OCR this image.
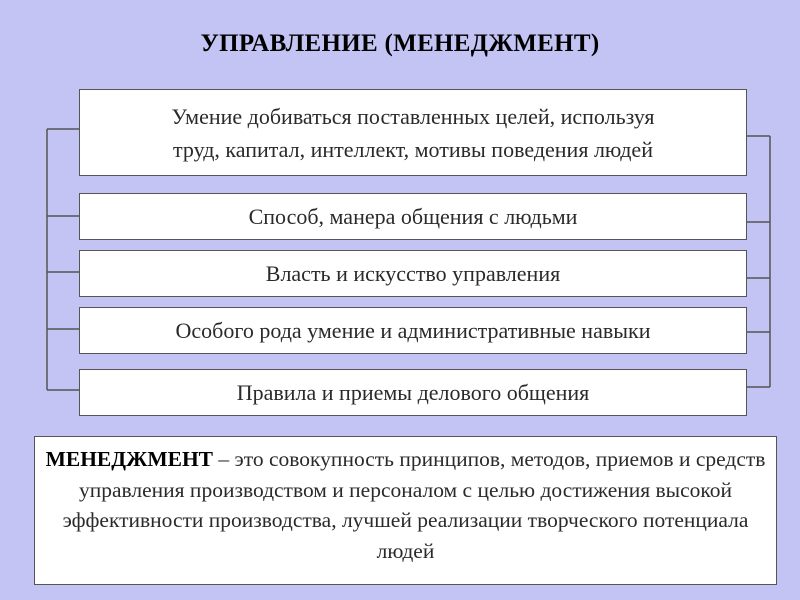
УПРАВЛЕНИЕ (МЕНЕДЖМЕНТ)
Умение добиваться поставленных целей, используя
труд, капитал, интеллект, мотивы поведения людей
Способ, манера общения с людьми
Власть и искусство управления
Особого рода умение и административные навыки
Правила и приемы делового общения
МЕНЕДЖМЕНТ – это совокупность принципов, методов, приемов и средств управления производством и персоналом с целью достижения высокой эффективности производства, лучшей реализации творческого потенциала людей
